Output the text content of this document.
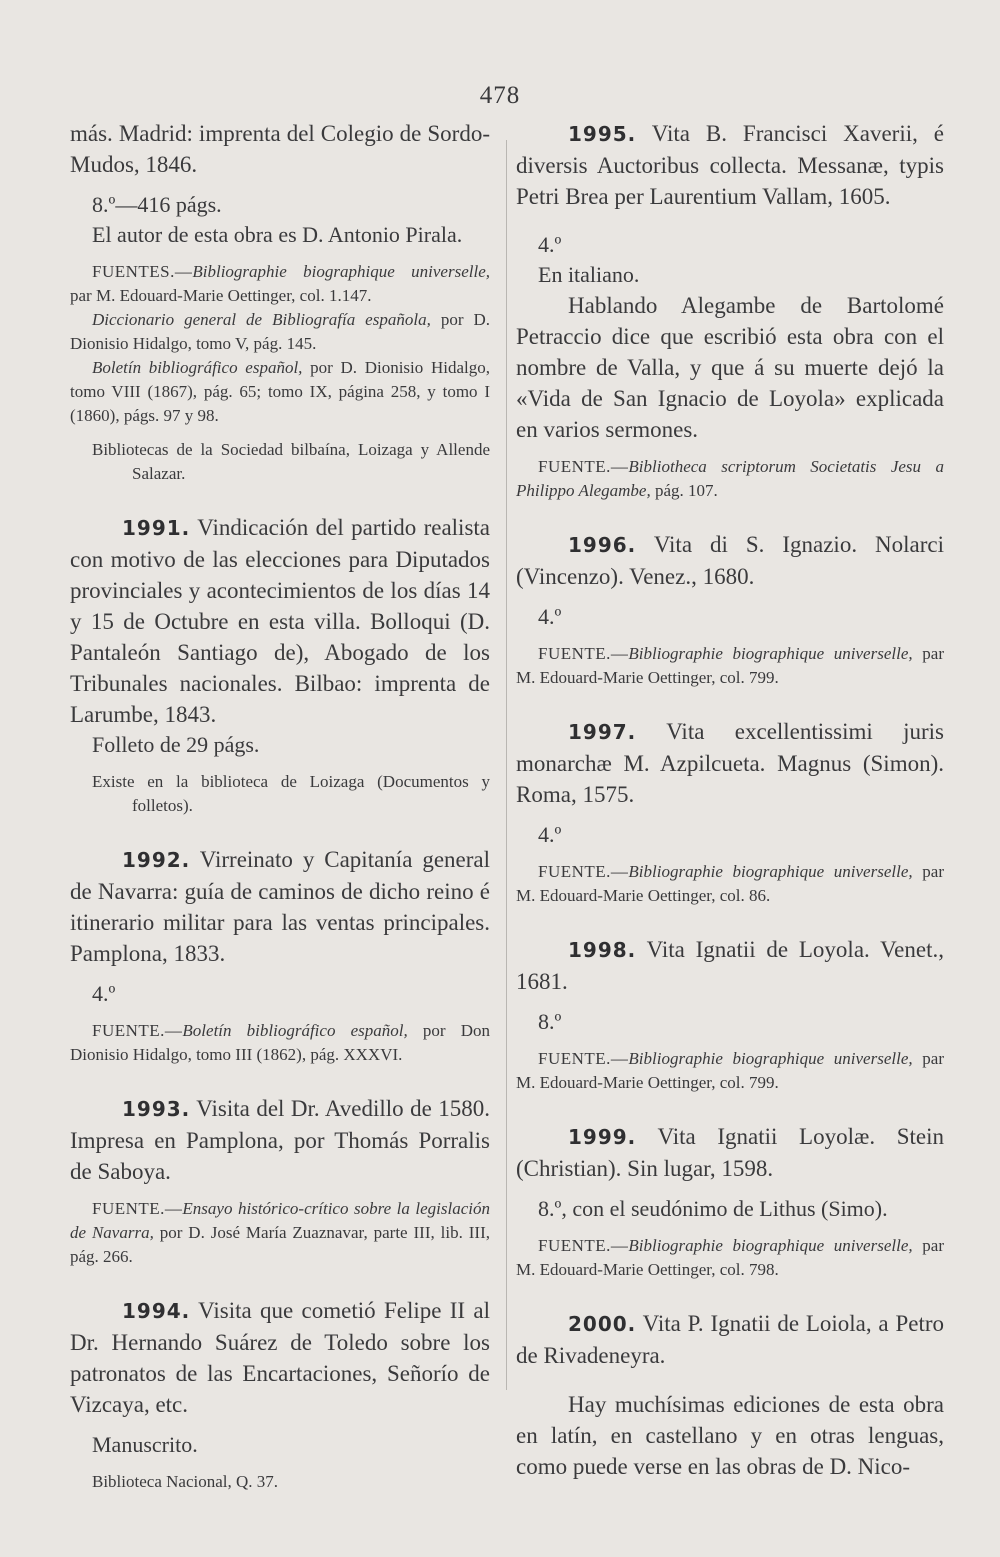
478

más. Madrid: imprenta del Colegio de Sordo-Mudos, 1846.

8.º—416 págs.

El autor de esta obra es D. Antonio Pirala.

FUENTES.—Bibliographie biographique universelle, par M. Edouard-Marie Oettinger, col. 1.147.

Diccionario general de Bibliografía española, por D. Dionisio Hidalgo, tomo V, pág. 145.

Boletín bibliográfico español, por D. Dionisio Hidalgo, tomo VIII (1867), pág. 65; tomo IX, página 258, y tomo I (1860), págs. 97 y 98.

Bibliotecas de la Sociedad bilbaína, Loizaga y Allende Salazar.

1991. Vindicación del partido realista con motivo de las elecciones para Diputados provinciales y acontecimientos de los días 14 y 15 de Octubre en esta villa. Bolloqui (D. Pantaleón Santiago de), Abogado de los Tribunales nacionales. Bilbao: imprenta de Larumbe, 1843.

Folleto de 29 págs.

Existe en la biblioteca de Loizaga (Documentos y folletos).

1992. Virreinato y Capitanía general de Navarra: guía de caminos de dicho reino é itinerario militar para las ventas principales. Pamplona, 1833.

4.º

FUENTE.—Boletín bibliográfico español, por Don Dionisio Hidalgo, tomo III (1862), pág. XXXVI.

1993. Visita del Dr. Avedillo de 1580. Impresa en Pamplona, por Thomás Porralis de Saboya.

FUENTE.—Ensayo histórico-crítico sobre la legislación de Navarra, por D. José María Zuaznavar, parte III, lib. III, pág. 266.

1994. Visita que cometió Felipe II al Dr. Hernando Suárez de Toledo sobre los patronatos de las Encartaciones, Señorío de Vizcaya, etc.

Manuscrito.

Biblioteca Nacional, Q. 37.

1995. Vita B. Francisci Xaverii, é diversis Auctoribus collecta. Messanæ, typis Petri Brea per Laurentium Vallam, 1605.

4.º

En italiano.

Hablando Alegambe de Bartolomé Petraccio dice que escribió esta obra con el nombre de Valla, y que á su muerte dejó la «Vida de San Ignacio de Loyola» explicada en varios sermones.

FUENTE.—Bibliotheca scriptorum Societatis Jesu a Philippo Alegambe, pág. 107.

1996. Vita di S. Ignazio. Nolarci (Vincenzo). Venez., 1680.

4.º

FUENTE.—Bibliographie biographique universelle, par M. Edouard-Marie Oettinger, col. 799.

1997. Vita excellentissimi juris monarchæ M. Azpilcueta. Magnus (Simon). Roma, 1575.

4.º

FUENTE.—Bibliographie biographique universelle, par M. Edouard-Marie Oettinger, col. 86.

1998. Vita Ignatii de Loyola. Venet., 1681.

8.º

FUENTE.—Bibliographie biographique universelle, par M. Edouard-Marie Oettinger, col. 799.

1999. Vita Ignatii Loyolæ. Stein (Christian). Sin lugar, 1598.

8.º, con el seudónimo de Lithus (Simo).

FUENTE.—Bibliographie biographique universelle, par M. Edouard-Marie Oettinger, col. 798.

2000. Vita P. Ignatii de Loiola, a Petro de Rivadeneyra.

Hay muchísimas ediciones de esta obra en latín, en castellano y en otras lenguas, como puede verse en las obras de D. Nico-
